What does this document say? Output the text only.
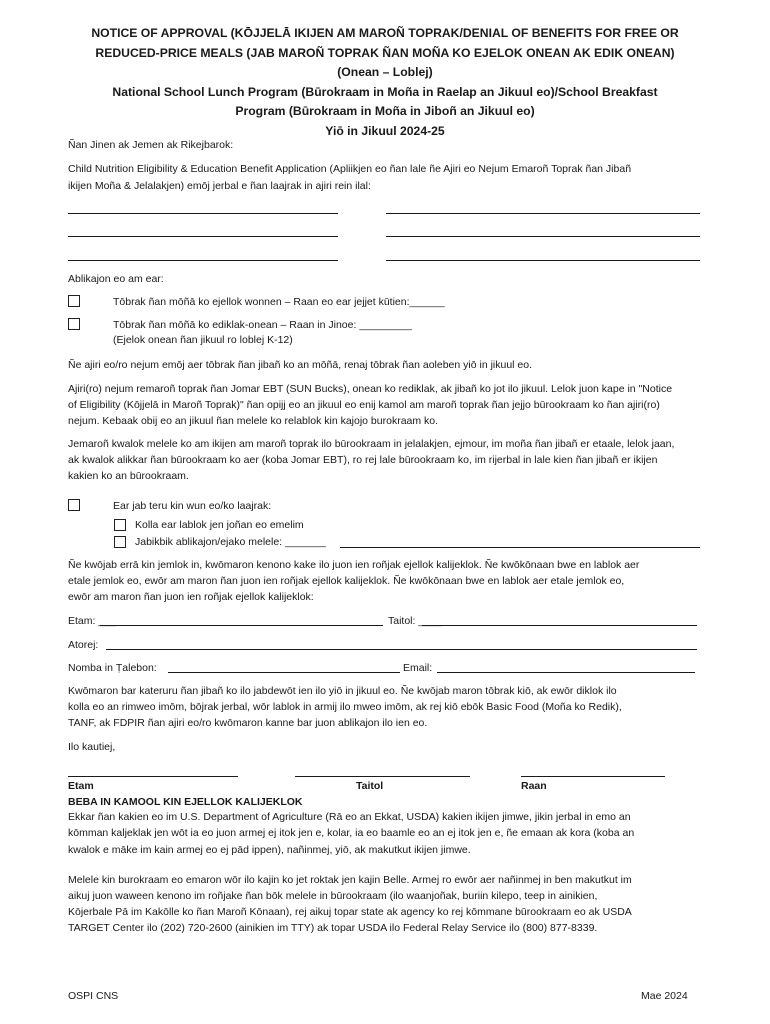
NOTICE OF APPROVAL (KŌJJELĀ IKIJEN AM MAROÑ TOPRAK/DENIAL OF BENEFITS FOR FREE OR
REDUCED-PRICE MEALS (JAB MAROÑ TOPRAK ÑAN MOÑA KO EJELOK ONEAN AK EDIK ONEAN)
(Onean – Loblej)
National School Lunch Program (Būrokraam in Moña in Raelap an Jikuul eo)/School Breakfast
Program (Būrokraam in Moña in Jiboñ an Jikuul eo)
Yiō in Jikuul 2024-25
Ñan Jinen ak Jemen ak Rikejbarok:
Child Nutrition Eligibility & Education Benefit Application (Apliikjen eo ñan lale ñe Ajiri eo Nejum Emaroñ Toprak ñan Jibañ
ikijen Moña & Jelalakjen) emōj jerbal e ñan laajrak in ajiri rein ilal:
Ablikajon eo am ear:
Tōbrak ñan mōñā ko ejellok wonnen – Raan eo ear jejjet kūtien:______
Tōbrak ñan mōñā ko ediklak-onean – Raan in Jinoe: _________
(Ejelok onean ñan jikuul ro loblej K-12)
Ñe ajiri eo/ro nejum emōj aer tōbrak ñan jibañ ko an mōñā, renaj tōbrak ñan aoleben yiō in jikuul eo.
Ajiri(ro) nejum remaroñ toprak ñan Jomar EBT (SUN Bucks), onean ko rediklak, ak jibañ ko jot ilo jikuul. Lelok juon kape in "Notice
of Eligibility (Kōjjelā in Maroñ Toprak)" ñan opijj eo an jikuul eo enij kamol am maroñ toprak ñan jejjo būrookraam ko ñan ajiri(ro)
nejum. Kebaak obij eo an jikuul ñan melele ko relablok kin kajojo burokraam ko.
Jemaroñ kwalok melele ko am ikijen am maroñ toprak ilo būrookraam in jelalakjen, ejmour, im moña ñan jibañ er etaale, lelok jaan,
ak kwalok alikkar ñan būrookraam ko aer (koba Jomar EBT), ro rej lale būrookraam ko, im rijerbal in lale kien ñan jibañ er ikijen
kakien ko an būrookraam.
Ear jab teru kin wun eo/ko laajrak:
Kolla ear lablok jen joñan eo emelim
Jabikbik ablikajon/ejako melele: _______
Ñe kwōjab errā kin jemlok in, kwōmaron kenono kake ilo juon ien roñjak ejellok kalijeklok. Ñe kwōkōnaan bwe en lablok aer
etale jemlok eo, ewōr am maron ñan juon ien roñjak ejellok kalijeklok. Ñe kwōkōnaan bwe en lablok aer etale jemlok eo,
ewōr am maron ñan juon ien roñjak ejellok kalijeklok:
Etam: ___	Taitol: ____
Atorej:
Nomba in Ṭalebon:	Email:
Kwōmaron bar kateruru ñan jibañ ko ilo jabdewōt ien ilo yiō in jikuul eo. Ñe kwōjab maron tōbrak kiō, ak ewōr diklok ilo
kolla eo an rimweo imōm, bōjrak jerbal, wōr lablok in armij ilo mweo imōm, ak rej kiō ebōk Basic Food (Moña ko Redik),
TANF, ak FDPIR ñan ajiri eo/ro kwōmaron kanne bar juon ablikajon ilo ien eo.
Ilo kautiej,
Etam	Taitol	Raan
BEBA IN KAMOOL KIN EJELLOK KALIJEKLOK
Ekkar ñan kakien eo im U.S. Department of Agriculture (Rā eo an Ekkat, USDA) kakien ikijen jimwe, jikin jerbal in emo an
kōmman kaljeklak jen wōt ia eo juon armej ej itok jen e, kolar, ia eo baamle eo an ej itok jen e, ñe emaan ak kora (koba an
kwalok e māke im kain armej eo ej pād ippen), nañinmej, yiō, ak makutkut ikijen jimwe.
Melele kin burokraam eo emaron wōr ilo kajin ko jet roktak jen kajin Belle. Armej ro ewōr aer nañinmej in ben makutkut im
aikuj juon waween kenono im roñjake ñan bōk melele in būrookraam (ilo waanjoñak, buriin kilepo, teep in ainikien,
Kōjerbale Pā im Kakōlle ko ñan Maroñ Kōnaan), rej aikuj topar state ak agency ko rej kōmmane būrookraam eo ak USDA
TARGET Center ilo (202) 720-2600 (ainikien im TTY) ak topar USDA ilo Federal Relay Service ilo (800) 877-8339.
OSPI CNS	Mae 2024
